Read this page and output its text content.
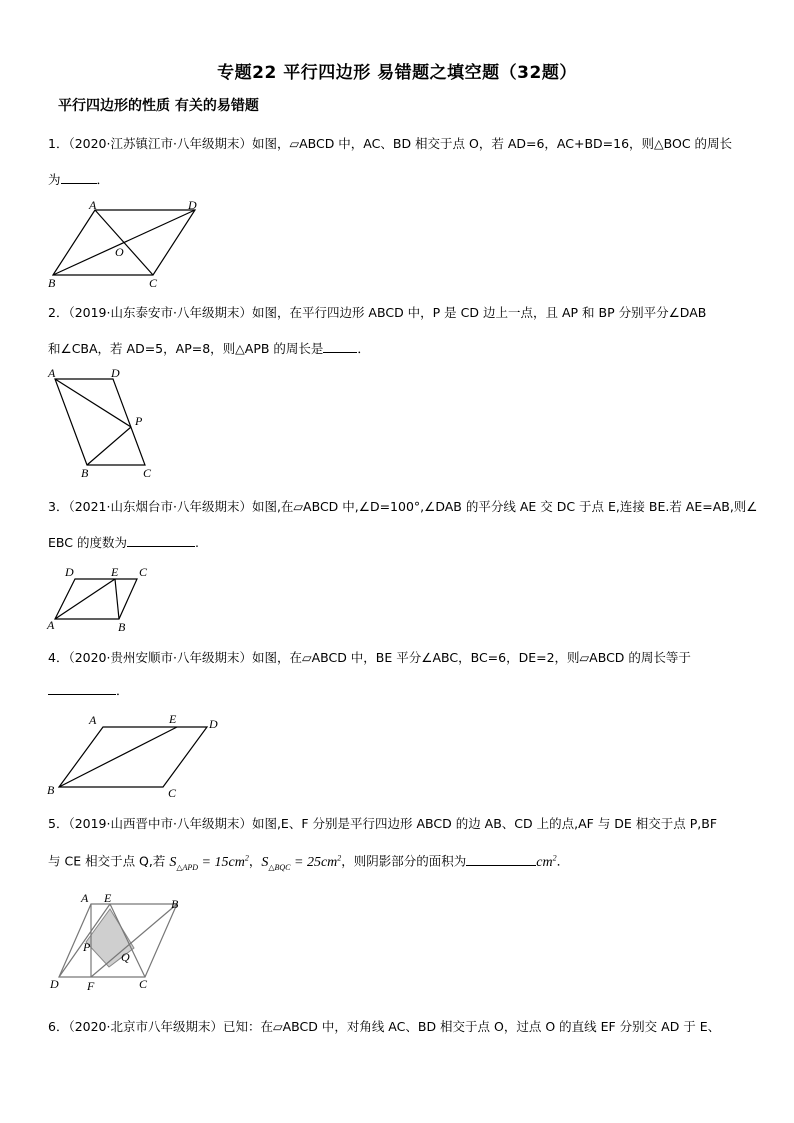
专题22 平行四边形 易错题之填空题（32题）
平行四边形的性质 有关的易错题
1．（2020·江苏镇江市·八年级期末）如图，▱ABCD 中，AC、BD 相交于点 O，若 AD=6，AC+BD=16，则△BOC 的周长
为	．
A	D
O
B	C
2．（2019·山东泰安市·八年级期末）如图，在平行四边形 ABCD 中，P 是 CD 边上一点，且 AP 和 BP 分别平分∠DAB
和∠CBA，若 AD=5，AP=8，则△APB 的周长是	．
A	D
P
B	C
3．（2021·山东烟台市·八年级期末）如图,在▱ABCD 中,∠D=100°,∠DAB 的平分线 AE 交 DC 于点 E,连接 BE.若 AE=AB,则∠
EBC 的度数为	.
D	E C
A	B
4．（2020·贵州安顺市·八年级期末）如图，在▱ABCD 中，BE 平分∠ABC，BC=6，DE=2，则▱ABCD 的周长等于
．
A	E	D
B	C
5．（2019·山西晋中市·八年级期末）如图,E、F 分别是平行四边形 ABCD 的边 AB、CD 上的点,AF 与 DE 相交于点 P,BF
与 CE 相交于点 Q,若 $S_{\triangle APD} = 15cm^2$，$S_{\triangle BQC} = 25cm^2$，则阴影部分的面积为	$cm^2$．
A E	B
P
Q
D F	C
6．（2020·北京市八年级期末）已知：在▱ABCD 中，对角线 AC、BD 相交于点 O，过点 O 的直线 EF 分别交 AD 于 E、
